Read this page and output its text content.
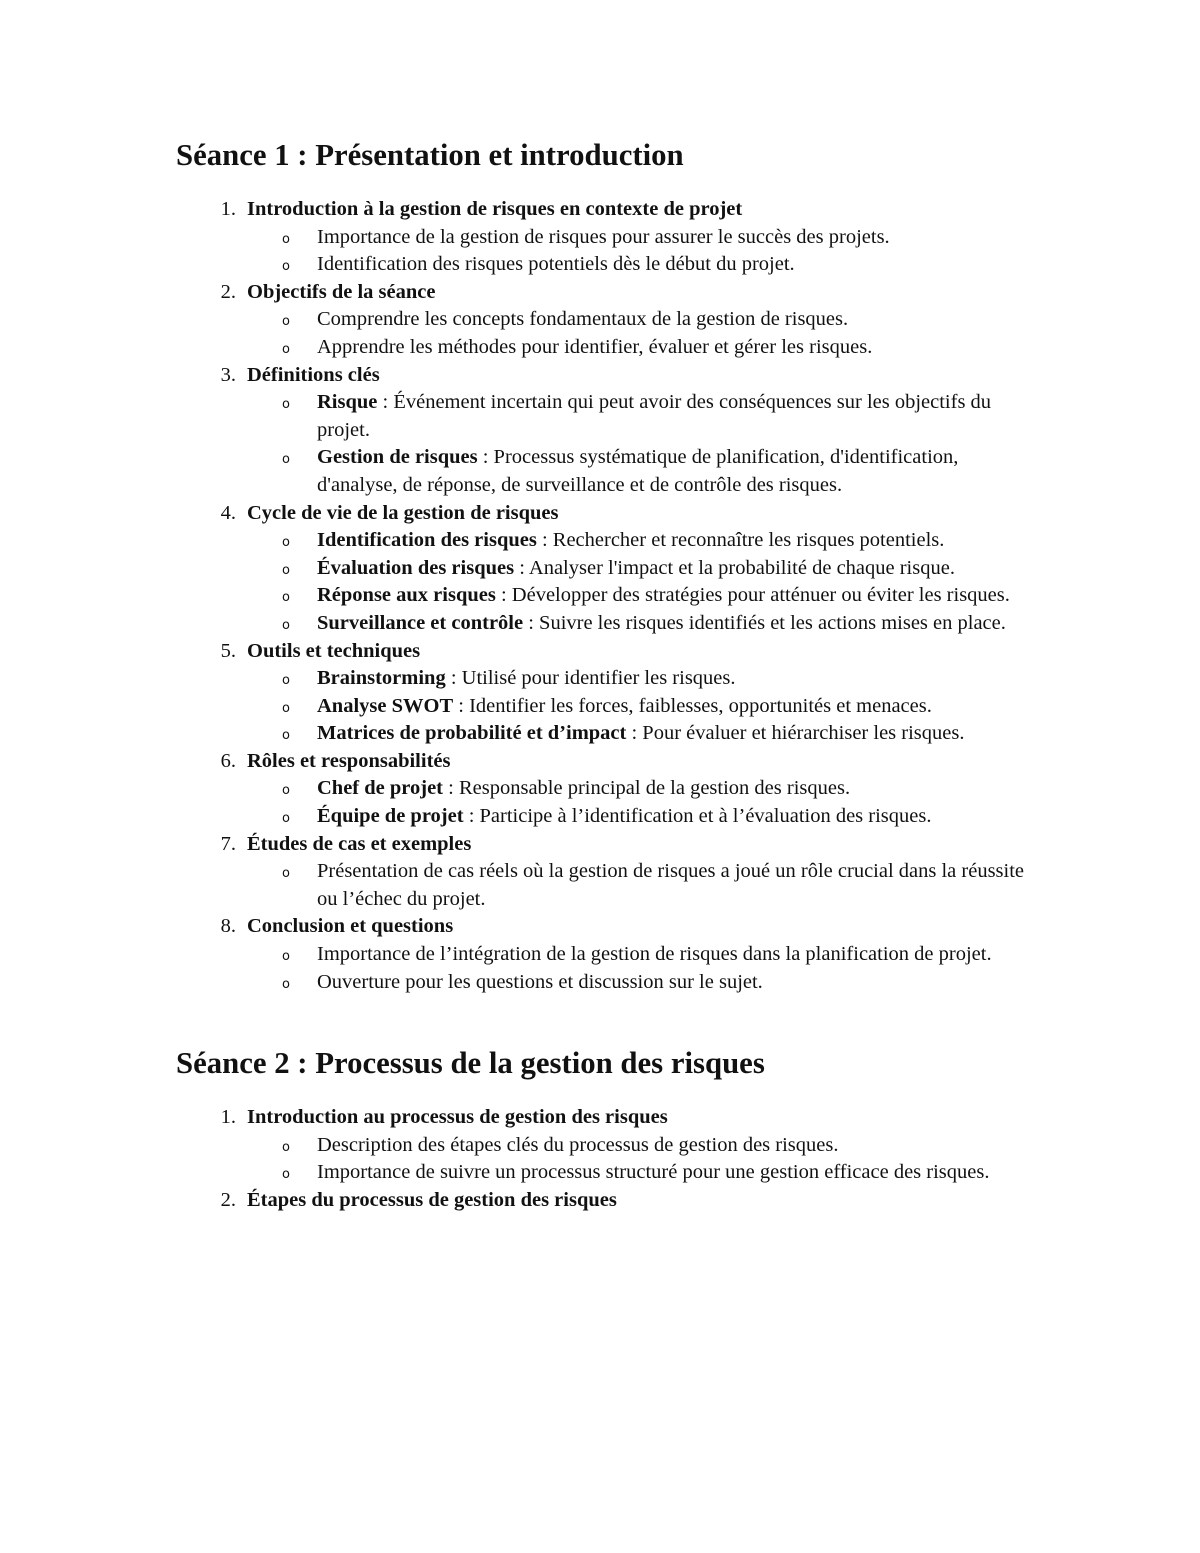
Séance 1 : Présentation et introduction
1. Introduction à la gestion de risques en contexte de projet
o Importance de la gestion de risques pour assurer le succès des projets.
o Identification des risques potentiels dès le début du projet.
2. Objectifs de la séance
o Comprendre les concepts fondamentaux de la gestion de risques.
o Apprendre les méthodes pour identifier, évaluer et gérer les risques.
3. Définitions clés
o Risque : Événement incertain qui peut avoir des conséquences sur les objectifs du projet.
o Gestion de risques : Processus systématique de planification, d'identification, d'analyse, de réponse, de surveillance et de contrôle des risques.
4. Cycle de vie de la gestion de risques
o Identification des risques : Rechercher et reconnaître les risques potentiels.
o Évaluation des risques : Analyser l'impact et la probabilité de chaque risque.
o Réponse aux risques : Développer des stratégies pour atténuer ou éviter les risques.
o Surveillance et contrôle : Suivre les risques identifiés et les actions mises en place.
5. Outils et techniques
o Brainstorming : Utilisé pour identifier les risques.
o Analyse SWOT : Identifier les forces, faiblesses, opportunités et menaces.
o Matrices de probabilité et d’impact : Pour évaluer et hiérarchiser les risques.
6. Rôles et responsabilités
o Chef de projet : Responsable principal de la gestion des risques.
o Équipe de projet : Participe à l’identification et à l’évaluation des risques.
7. Études de cas et exemples
o Présentation de cas réels où la gestion de risques a joué un rôle crucial dans la réussite ou l’échec du projet.
8. Conclusion et questions
o Importance de l’intégration de la gestion de risques dans la planification de projet.
o Ouverture pour les questions et discussion sur le sujet.
Séance 2 : Processus de la gestion des risques
1. Introduction au processus de gestion des risques
o Description des étapes clés du processus de gestion des risques.
o Importance de suivre un processus structuré pour une gestion efficace des risques.
2. Étapes du processus de gestion des risques
